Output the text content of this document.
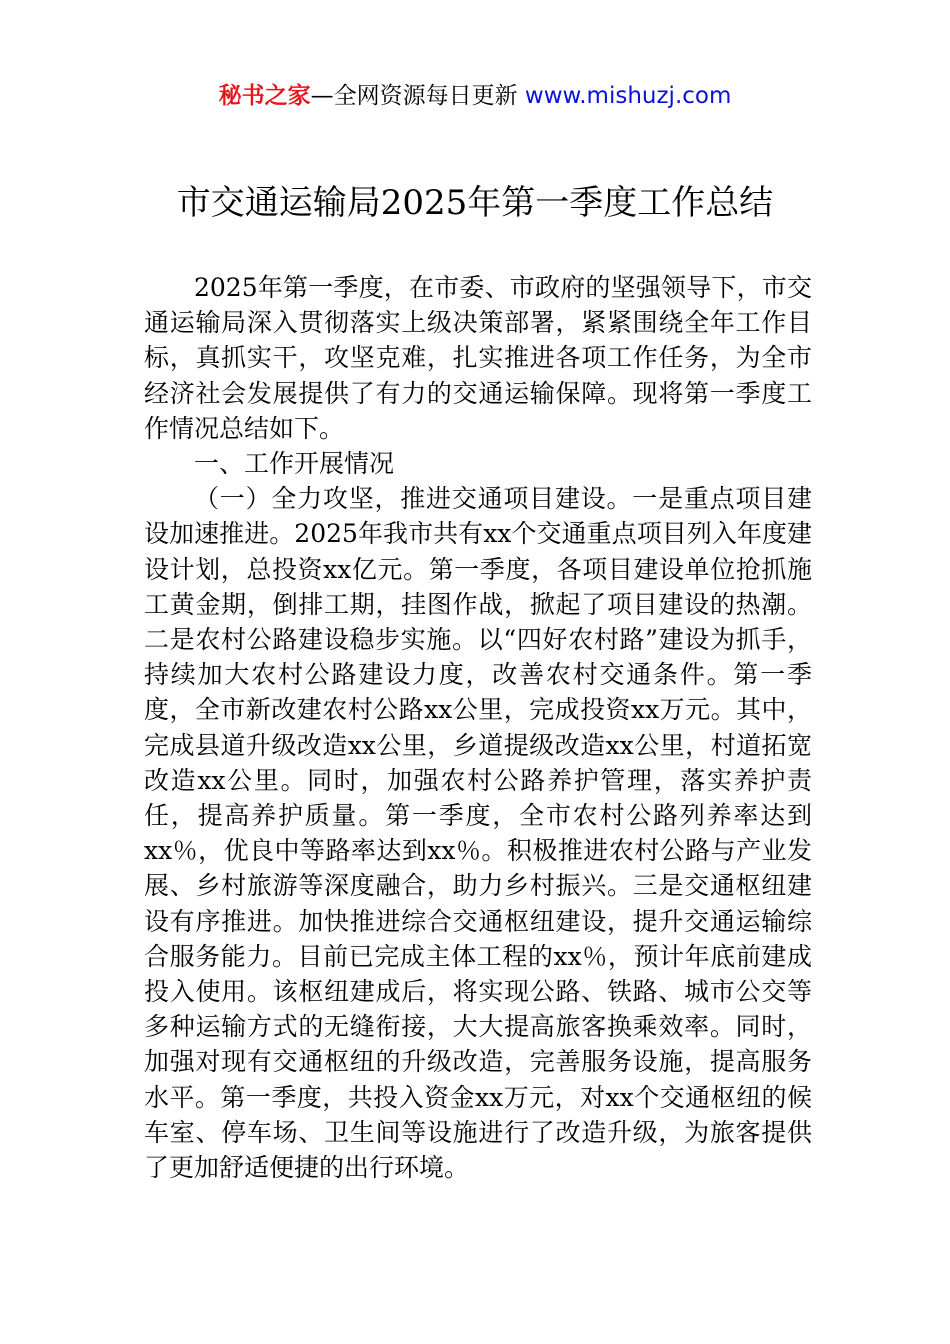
秘书之家—全网资源每日更新 www.mishuzj.com
市交通运输局2025年第一季度工作总结

2025年第一季度，在市委、市政府的坚强领导下，市交通运输局深入贯彻落实上级决策部署，紧紧围绕全年工作目标，真抓实干，攻坚克难，扎实推进各项工作任务，为全市经济社会发展提供了有力的交通运输保障。现将第一季度工作情况总结如下。

一、工作开展情况

（一）全力攻坚，推进交通项目建设。一是重点项目建设加速推进。2025年我市共有xx个交通重点项目列入年度建设计划，总投资xx亿元。第一季度，各项目建设单位抢抓施工黄金期，倒排工期，挂图作战，掀起了项目建设的热潮。二是农村公路建设稳步实施。以“四好农村路”建设为抓手，持续加大农村公路建设力度，改善农村交通条件。第一季度，全市新改建农村公路xx公里，完成投资xx万元。其中，完成县道升级改造xx公里，乡道提级改造xx公里，村道拓宽改造xx公里。同时，加强农村公路养护管理，落实养护责任，提高养护质量。第一季度，全市农村公路列养率达到xx％，优良中等路率达到xx％。积极推进农村公路与产业发展、乡村旅游等深度融合，助力乡村振兴。三是交通枢纽建设有序推进。加快推进综合交通枢纽建设，提升交通运输综合服务能力。目前已完成主体工程的xx％，预计年底前建成投入使用。该枢纽建成后，将实现公路、铁路、城市公交等多种运输方式的无缝衔接，大大提高旅客换乘效率。同时，加强对现有交通枢纽的升级改造，完善服务设施，提高服务水平。第一季度，共投入资金xx万元，对xx个交通枢纽的候车室、停车场、卫生间等设施进行了改造升级，为旅客提供了更加舒适便捷的出行环境。
